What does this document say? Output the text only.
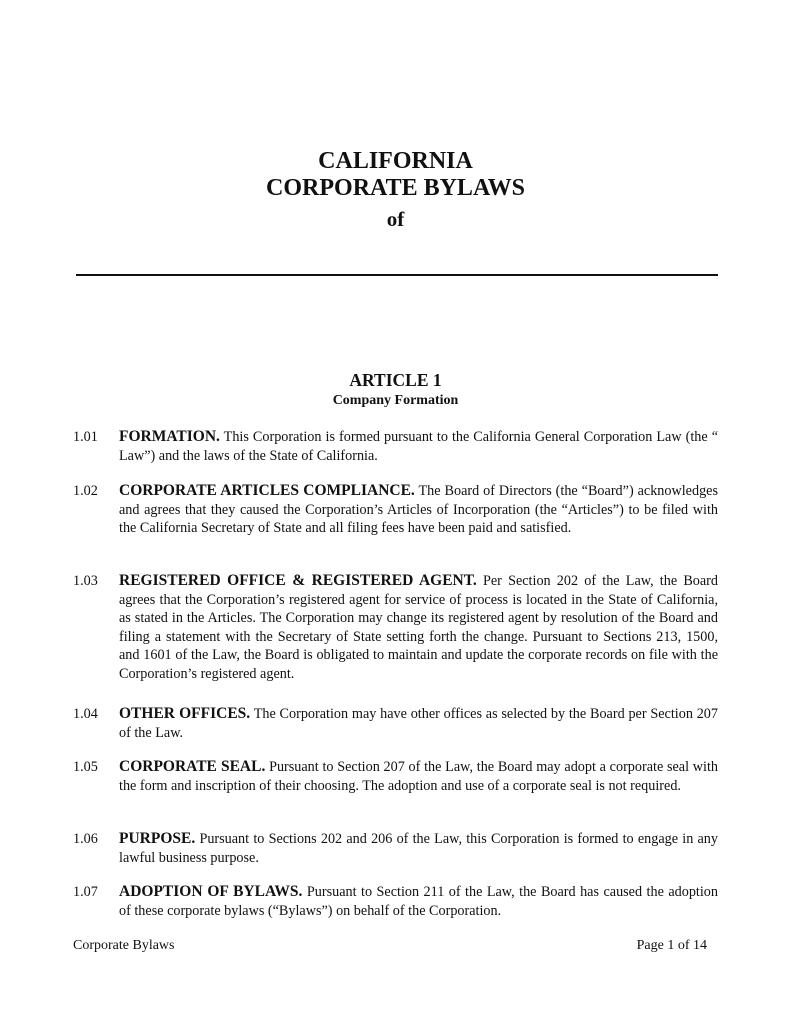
CALIFORNIA
CORPORATE BYLAWS
of
ARTICLE 1
Company Formation
1.01 FORMATION. This Corporation is formed pursuant to the California General Corporation Law (the “ Law”) and the laws of the State of California.
1.02 CORPORATE ARTICLES COMPLIANCE. The Board of Directors (the “Board”) acknowledges and agrees that they caused the Corporation’s Articles of Incorporation (the “Articles”) to be filed with the California Secretary of State and all filing fees have been paid and satisfied.
1.03 REGISTERED OFFICE & REGISTERED AGENT. Per Section 202 of the Law, the Board agrees that the Corporation’s registered agent for service of process is located in the State of California, as stated in the Articles. The Corporation may change its registered agent by resolution of the Board and filing a statement with the Secretary of State setting forth the change. Pursuant to Sections 213, 1500, and 1601 of the Law, the Board is obligated to maintain and update the corporate records on file with the Corporation’s registered agent.
1.04 OTHER OFFICES. The Corporation may have other offices as selected by the Board per Section 207 of the Law.
1.05 CORPORATE SEAL. Pursuant to Section 207 of the Law, the Board may adopt a corporate seal with the form and inscription of their choosing. The adoption and use of a corporate seal is not required.
1.06 PURPOSE. Pursuant to Sections 202 and 206 of the Law, this Corporation is formed to engage in any lawful business purpose.
1.07 ADOPTION OF BYLAWS. Pursuant to Section 211 of the Law, the Board has caused the adoption of these corporate bylaws (“Bylaws”) on behalf of the Corporation.
Corporate Bylaws	Page 1 of 14
